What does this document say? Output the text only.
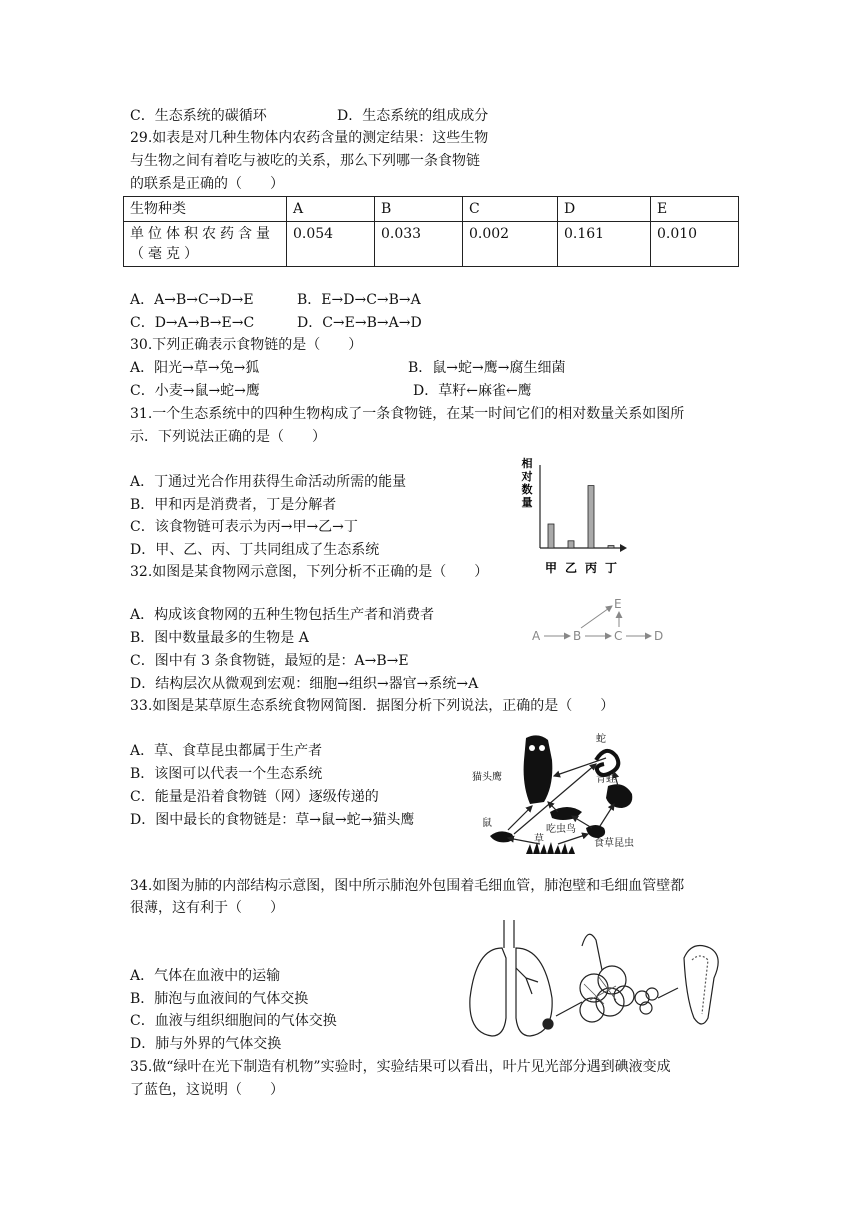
C．生态系统的碳循环	D．生态系统的组成成分
29.如表是对几种生物体内农药含量的测定结果：这些生物
与生物之间有着吃与被吃的关系，那么下列哪一条食物链
的联系是正确的（　　）
生物种类	A	B	C	D	E
单位体积农药含量（毫克）	0.054	0.033	0.002	0.161	0.010
A．A→B→C→D→E	B．E→D→C→B→A
C．D→A→B→E→C	D．C→E→B→A→D
30.下列正确表示食物链的是（　　）
A．阳光→草→兔→狐	B．鼠→蛇→鹰→腐生细菌
C．小麦→鼠→蛇→鹰	D．草籽←麻雀←鹰
31.一个生态系统中的四种生物构成了一条食物链，在某一时间它们的相对数量关系如图所
示．下列说法正确的是（　　）
A．丁通过光合作用获得生命活动所需的能量
B．甲和丙是消费者，丁是分解者
C．该食物链可表示为丙→甲→乙→丁
D．甲、乙、丙、丁共同组成了生态系统
相对数量
甲 乙 丙 丁
32.如图是某食物网示意图，下列分析不正确的是（　　）
A．构成该食物网的五种生物包括生产者和消费者
B．图中数量最多的生物是 A
C．图中有 3 条食物链，最短的是：A→B→E
D．结构层次从微观到宏观：细胞→组织→器官→系统→A
A	B	C	D
E
33.如图是某草原生态系统食物网简图．据图分析下列说法，正确的是（　　）
A．草、食草昆虫都属于生产者
B．该图可以代表一个生态系统
C．能量是沿着食物链（网）逐级传递的
D．图中最长的食物链是：草→鼠→蛇→猫头鹰
蛇
猫头鹰	青蛙
吃虫鸟
鼠
草	食草昆虫
34.如图为肺的内部结构示意图，图中所示肺泡外包围着毛细血管，肺泡壁和毛细血管壁都
很薄，这有利于（　　）
A．气体在血液中的运输
B．肺泡与血液间的气体交换
C．血液与组织细胞间的气体交换
D．肺与外界的气体交换
35.做“绿叶在光下制造有机物”实验时，实验结果可以看出，叶片见光部分遇到碘液变成
了蓝色，这说明（　　）
